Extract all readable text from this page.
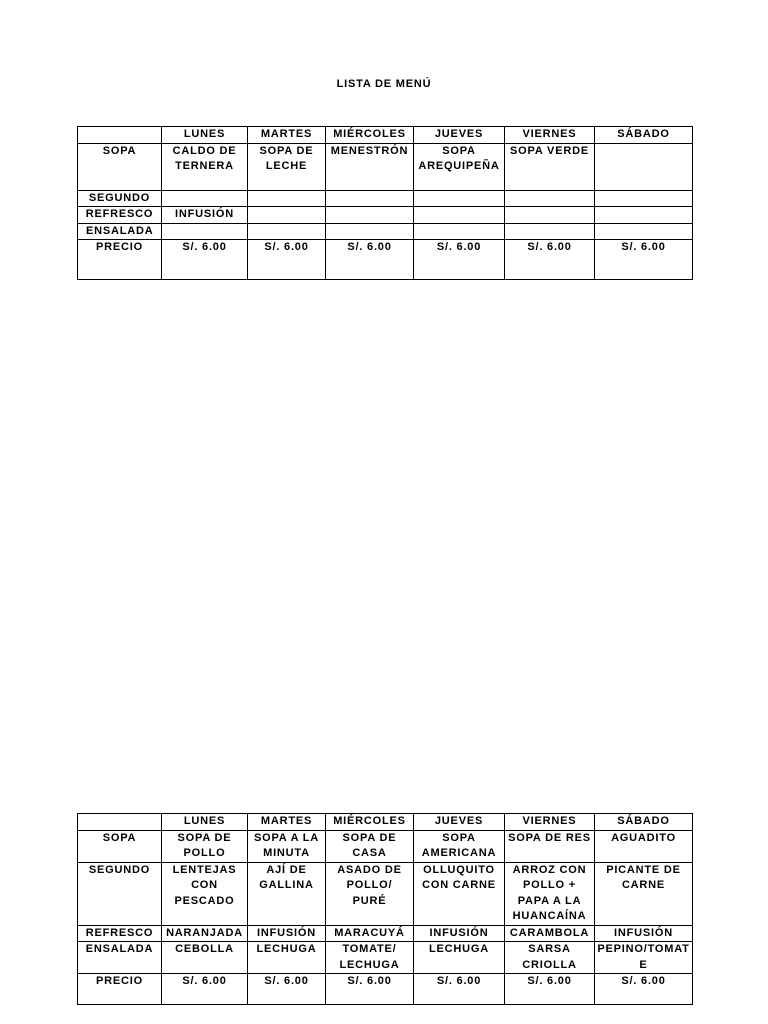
LISTA DE MENÚ
	LUNES	MARTES	MIÉRCOLES	JUEVES	VIERNES	SÁBADO
SOPA	CALDO DE TERNERA	SOPA DE LECHE	MENESTRÓN	SOPA AREQUIPEÑA	SOPA VERDE	
SEGUNDO						
REFRESCO	INFUSIÓN					
ENSALADA						
PRECIO	S/. 6.00	S/. 6.00	S/. 6.00	S/. 6.00	S/. 6.00	S/. 6.00
	LUNES	MARTES	MIÉRCOLES	JUEVES	VIERNES	SÁBADO
SOPA	SOPA DE POLLO	SOPA A LA MINUTA	SOPA DE CASA	SOPA AMERICANA	SOPA DE RES	AGUADITO
SEGUNDO	LENTEJAS CON PESCADO	AJÍ DE GALLINA	ASADO DE POLLO/ PURÉ	OLLUQUITO CON CARNE	ARROZ CON POLLO + PAPA A LA HUANCAÍNA	PICANTE DE CARNE
REFRESCO	NARANJADA	INFUSIÓN	MARACUYÁ	INFUSIÓN	CARAMBOLA	INFUSIÓN
ENSALADA	CEBOLLA	LECHUGA	TOMATE/ LECHUGA	LECHUGA	SARSA CRIOLLA	PEPINO/TOMATE
PRECIO	S/. 6.00	S/. 6.00	S/. 6.00	S/. 6.00	S/. 6.00	S/. 6.00
